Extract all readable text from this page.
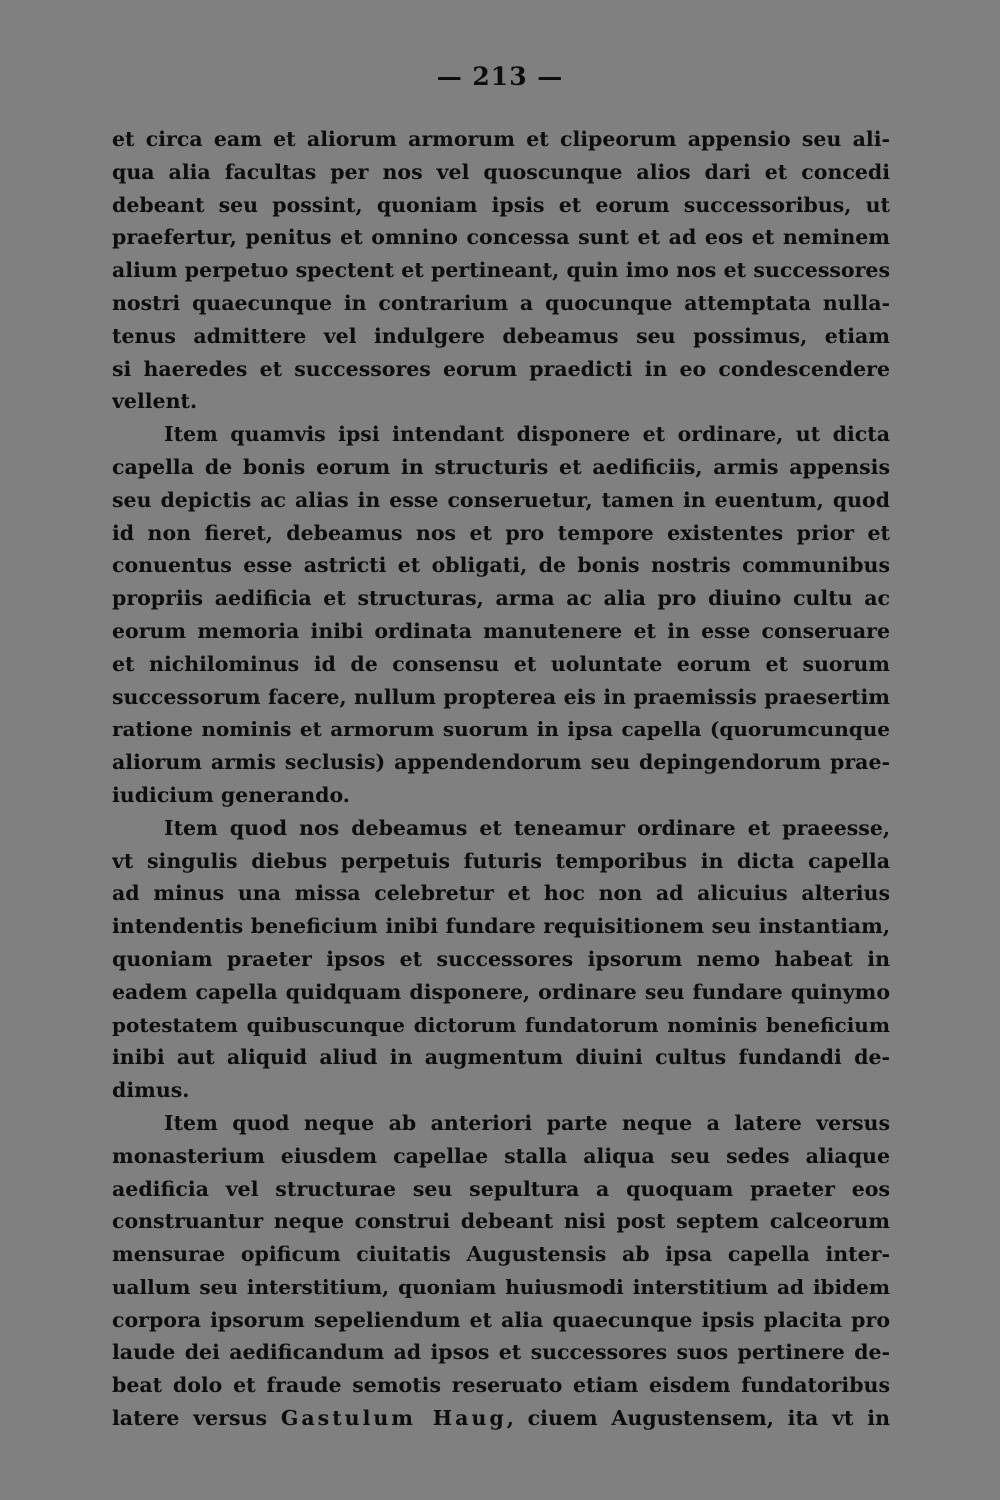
— 213 —
et circa eam et aliorum armorum et clipeorum appensio seu ali-
qua alia facultas per nos vel quoscunque alios dari et concedi
debeant seu possint, quoniam ipsis et eorum successoribus, ut
praefertur, penitus et omnino concessa sunt et ad eos et neminem
alium perpetuo spectent et pertineant, quin imo nos et successores
nostri quaecunque in contrarium a quocunque attemptata nulla-
tenus admittere vel indulgere debeamus seu possimus, etiam
si haeredes et successores eorum praedicti in eo condescendere
vellent.
Item quamvis ipsi intendant disponere et ordinare, ut dicta
capella de bonis eorum in structuris et aedificiis, armis appensis
seu depictis ac alias in esse conseruetur, tamen in euentum, quod
id non fieret, debeamus nos et pro tempore existentes prior et
conuentus esse astricti et obligati, de bonis nostris communibus
propriis aedificia et structuras, arma ac alia pro diuino cultu ac
eorum memoria inibi ordinata manutenere et in esse conseruare
et nichilominus id de consensu et uoluntate eorum et suorum
successorum facere, nullum propterea eis in praemissis praesertim
ratione nominis et armorum suorum in ipsa capella (quorumcunque
aliorum armis seclusis) appendendorum seu depingendorum prae-
iudicium generando.
Item quod nos debeamus et teneamur ordinare et praeesse,
vt singulis diebus perpetuis futuris temporibus in dicta capella
ad minus una missa celebretur et hoc non ad alicuius alterius
intendentis beneficium inibi fundare requisitionem seu instantiam,
quoniam praeter ipsos et successores ipsorum nemo habeat in
eadem capella quidquam disponere, ordinare seu fundare quinymo
potestatem quibuscunque dictorum fundatorum nominis beneficium
inibi aut aliquid aliud in augmentum diuini cultus fundandi de-
dimus.
Item quod neque ab anteriori parte neque a latere versus
monasterium eiusdem capellae stalla aliqua seu sedes aliaque
aedificia vel structurae seu sepultura a quoquam praeter eos
construantur neque construi debeant nisi post septem calceorum
mensurae opificum ciuitatis Augustensis ab ipsa capella inter-
uallum seu interstitium, quoniam huiusmodi interstitium ad ibidem
corpora ipsorum sepeliendum et alia quaecunque ipsis placita pro
laude dei aedificandum ad ipsos et successores suos pertinere de-
beat dolo et fraude semotis reseruato etiam eisdem fundatoribus
latere versus Gastulum Haug, ciuem Augustensem, ita vt in
